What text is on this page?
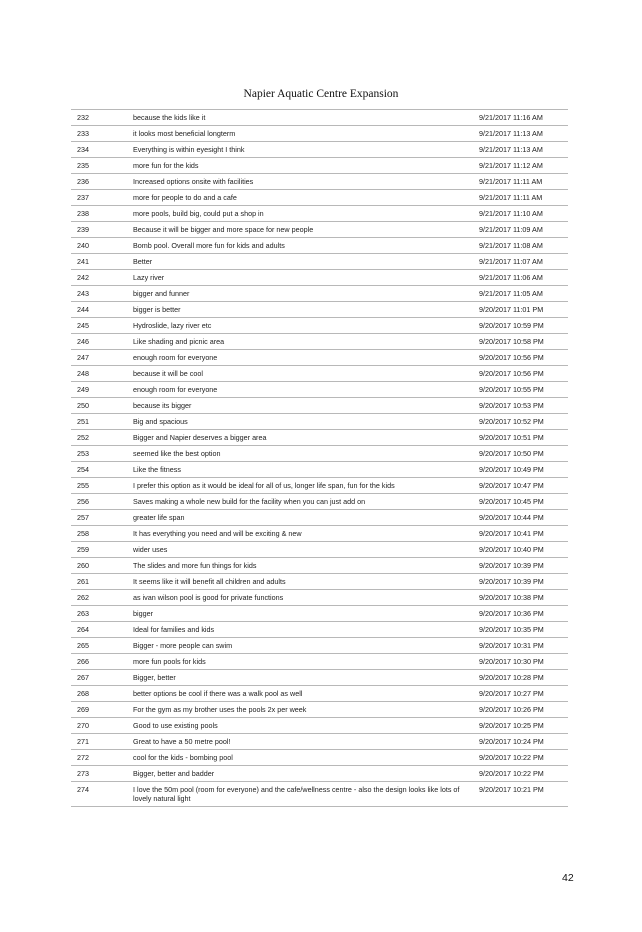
Napier Aquatic Centre Expansion
232	because the kids like it	9/21/2017 11:16 AM
233	it looks most beneficial longterm	9/21/2017 11:13 AM
234	Everything is within eyesight I think	9/21/2017 11:13 AM
235	more fun for the kids	9/21/2017 11:12 AM
236	Increased options onsite with facilities	9/21/2017 11:11 AM
237	more for people to do and a cafe	9/21/2017 11:11 AM
238	more pools, build big, could put a shop in	9/21/2017 11:10 AM
239	Because it will be bigger and more space for new people	9/21/2017 11:09 AM
240	Bomb pool. Overall more fun for kids and adults	9/21/2017 11:08 AM
241	Better	9/21/2017 11:07 AM
242	Lazy river	9/21/2017 11:06 AM
243	bigger and funner	9/21/2017 11:05 AM
244	bigger is better	9/20/2017 11:01 PM
245	Hydroslide, lazy river etc	9/20/2017 10:59 PM
246	Like shading and picnic area	9/20/2017 10:58 PM
247	enough room for everyone	9/20/2017 10:56 PM
248	because it will be cool	9/20/2017 10:56 PM
249	enough room for everyone	9/20/2017 10:55 PM
250	because its bigger	9/20/2017 10:53 PM
251	Big and spacious	9/20/2017 10:52 PM
252	Bigger and Napier deserves a bigger area	9/20/2017 10:51 PM
253	seemed like the best option	9/20/2017 10:50 PM
254	Like the fitness	9/20/2017 10:49 PM
255	I prefer this option as it would be ideal for all of us, longer life span, fun for the kids	9/20/2017 10:47 PM
256	Saves making a whole new build for the facility when you can just add on	9/20/2017 10:45 PM
257	greater life span	9/20/2017 10:44 PM
258	It has everything you need and will be exciting & new	9/20/2017 10:41 PM
259	wider uses	9/20/2017 10:40 PM
260	The slides and more fun things for kids	9/20/2017 10:39 PM
261	It seems like it will benefit all children and adults	9/20/2017 10:39 PM
262	as ivan wilson pool is good for private functions	9/20/2017 10:38 PM
263	bigger	9/20/2017 10:36 PM
264	Ideal for families and kids	9/20/2017 10:35 PM
265	Bigger - more people can swim	9/20/2017 10:31 PM
266	more fun pools for kids	9/20/2017 10:30 PM
267	Bigger, better	9/20/2017 10:28 PM
268	better options be cool if there was a walk pool as well	9/20/2017 10:27 PM
269	For the gym as my brother uses the pools 2x per week	9/20/2017 10:26 PM
270	Good to use existing pools	9/20/2017 10:25 PM
271	Great to have a 50 metre pool!	9/20/2017 10:24 PM
272	cool for the kids - bombing pool	9/20/2017 10:22 PM
273	Bigger, better and badder	9/20/2017 10:22 PM
274	I love the 50m pool (room for everyone) and the cafe/wellness centre - also the design looks like lots of lovely natural light	9/20/2017 10:21 PM
42
